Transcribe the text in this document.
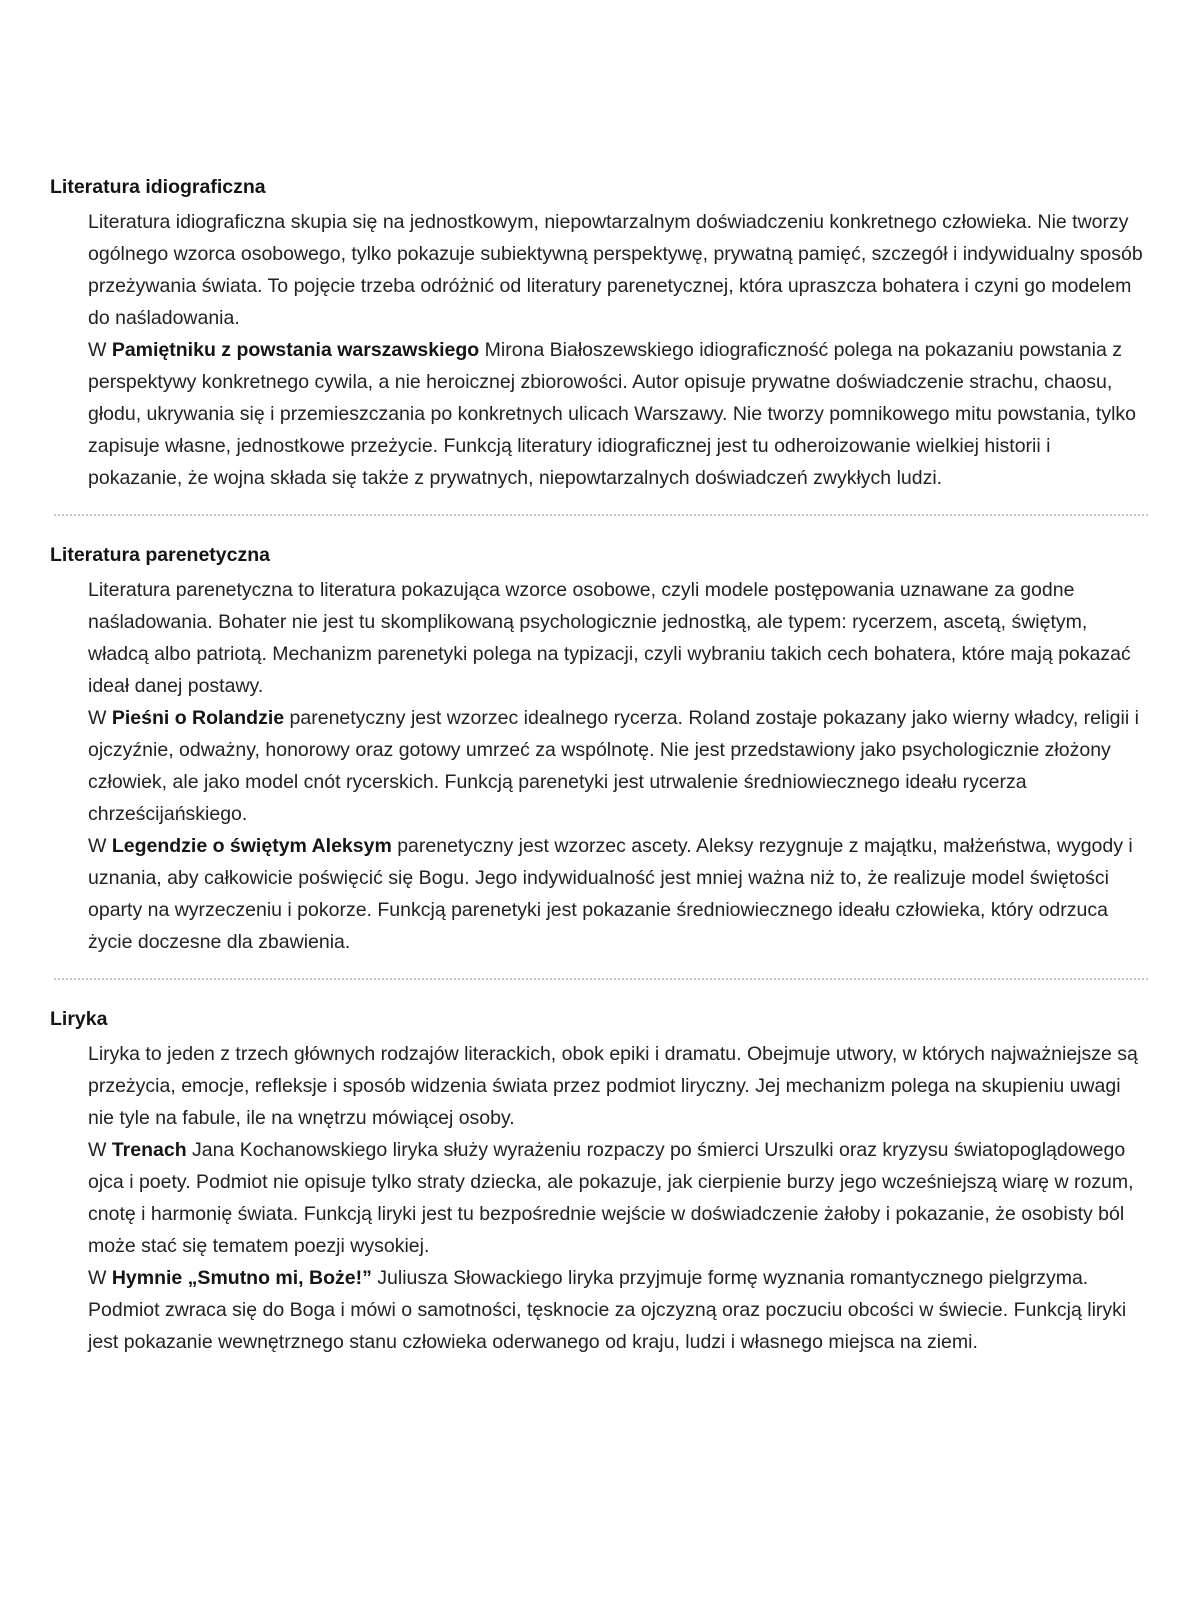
Literatura idiograficzna

Literatura idiograficzna skupia się na jednostkowym, niepowtarzalnym doświadczeniu konkretnego człowieka. Nie tworzy ogólnego wzorca osobowego, tylko pokazuje subiektywną perspektywę, prywatną pamięć, szczegół i indywidualny sposób przeżywania świata. To pojęcie trzeba odróżnić od literatury parenetycznej, która upraszcza bohatera i czyni go modelem do naśladowania.

W Pamiętniku z powstania warszawskiego Mirona Białoszewskiego idiograficzność polega na pokazaniu powstania z perspektywy konkretnego cywila, a nie heroicznej zbiorowości. Autor opisuje prywatne doświadczenie strachu, chaosu, głodu, ukrywania się i przemieszczania po konkretnych ulicach Warszawy. Nie tworzy pomnikowego mitu powstania, tylko zapisuje własne, jednostkowe przeżycie. Funkcją literatury idiograficznej jest tu odheroizowanie wielkiej historii i pokazanie, że wojna składa się także z prywatnych, niepowtarzalnych doświadczeń zwykłych ludzi.

Literatura parenetyczna

Literatura parenetyczna to literatura pokazująca wzorce osobowe, czyli modele postępowania uznawane za godne naśladowania. Bohater nie jest tu skomplikowaną psychologicznie jednostką, ale typem: rycerzem, ascetą, świętym, władcą albo patriotą. Mechanizm parenetyki polega na typizacji, czyli wybraniu takich cech bohatera, które mają pokazać ideał danej postawy.

W Pieśni o Rolandzie parenetyczny jest wzorzec idealnego rycerza. Roland zostaje pokazany jako wierny władcy, religii i ojczyźnie, odważny, honorowy oraz gotowy umrzeć za wspólnotę. Nie jest przedstawiony jako psychologicznie złożony człowiek, ale jako model cnót rycerskich. Funkcją parenetyki jest utrwalenie średniowiecznego ideału rycerza chrześcijańskiego.

W Legendzie o świętym Aleksym parenetyczny jest wzorzec ascety. Aleksy rezygnuje z majątku, małżeństwa, wygody i uznania, aby całkowicie poświęcić się Bogu. Jego indywidualność jest mniej ważna niż to, że realizuje model świętości oparty na wyrzeczeniu i pokorze. Funkcją parenetyki jest pokazanie średniowiecznego ideału człowieka, który odrzuca życie doczesne dla zbawienia.

Liryka

Liryka to jeden z trzech głównych rodzajów literackich, obok epiki i dramatu. Obejmuje utwory, w których najważniejsze są przeżycia, emocje, refleksje i sposób widzenia świata przez podmiot liryczny. Jej mechanizm polega na skupieniu uwagi nie tyle na fabule, ile na wnętrzu mówiącej osoby.

W Trenach Jana Kochanowskiego liryka służy wyrażeniu rozpaczy po śmierci Urszulki oraz kryzysu światopoglądowego ojca i poety. Podmiot nie opisuje tylko straty dziecka, ale pokazuje, jak cierpienie burzy jego wcześniejszą wiarę w rozum, cnotę i harmonię świata. Funkcją liryki jest tu bezpośrednie wejście w doświadczenie żałoby i pokazanie, że osobisty ból może stać się tematem poezji wysokiej.

W Hymnie „Smutno mi, Boże!” Juliusza Słowackiego liryka przyjmuje formę wyznania romantycznego pielgrzyma. Podmiot zwraca się do Boga i mówi o samotności, tęsknocie za ojczyzną oraz poczuciu obcości w świecie. Funkcją liryki jest pokazanie wewnętrznego stanu człowieka oderwanego od kraju, ludzi i własnego miejsca na ziemi.
